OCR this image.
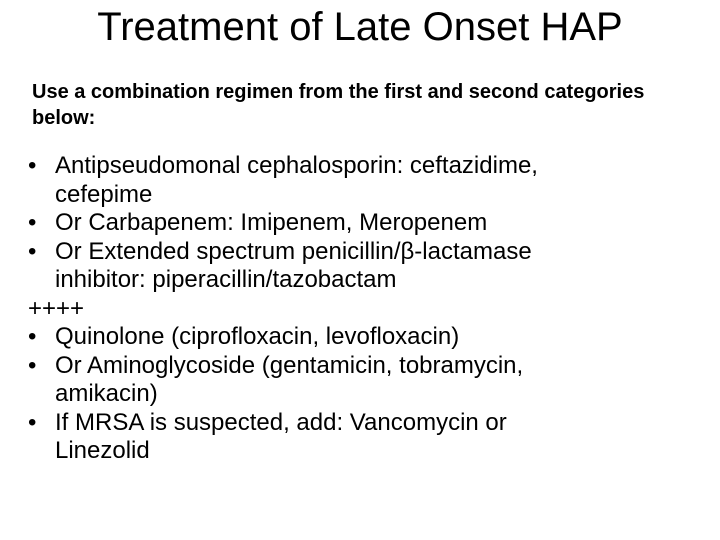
Treatment of Late Onset HAP

Use a combination regimen from the first and second categories below:

• Antipseudomonal cephalosporin: ceftazidime,
cefepime
• Or Carbapenem: Imipenem, Meropenem
• Or Extended spectrum penicillin/β-lactamase
inhibitor: piperacillin/tazobactam
++++
• Quinolone (ciprofloxacin, levofloxacin)
• Or Aminoglycoside (gentamicin, tobramycin,
amikacin)
• If MRSA is suspected, add: Vancomycin or
Linezolid
